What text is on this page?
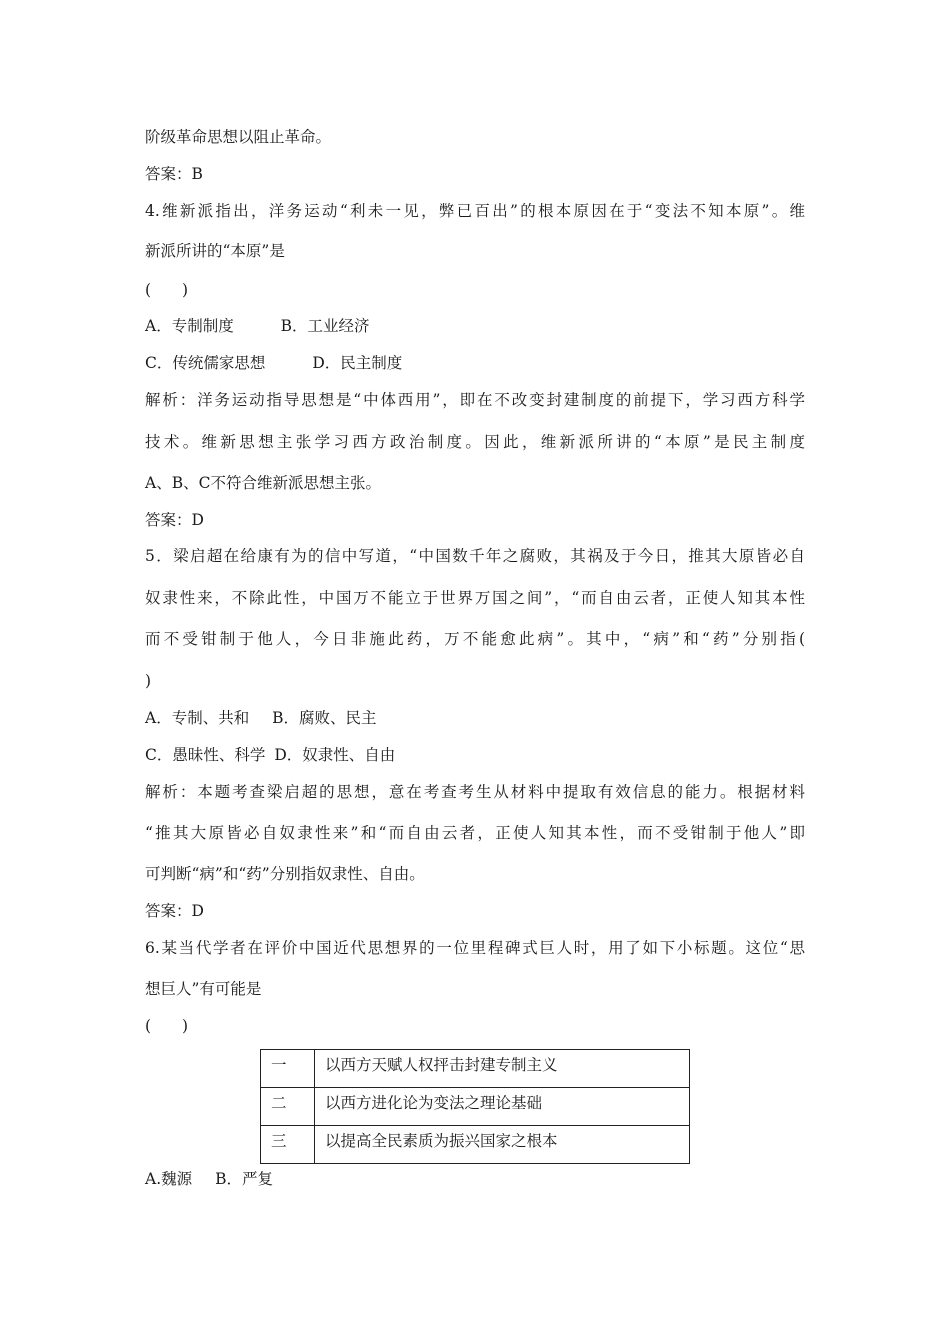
阶级革命思想以阻止革命。
答案：B
4.维新派指出，洋务运动“利未一见，弊已百出”的根本原因在于“变法不知本原”。维
新派所讲的“本原”是
(　　)
A．专制制度	B．工业经济
C．传统儒家思想	D．民主制度
解析：洋务运动指导思想是“中体西用”，即在不改变封建制度的前提下，学习西方科学
技术。维新思想主张学习西方政治制度。因此，维新派所讲的“本原”是民主制度
A、B、C不符合维新派思想主张。
答案：D
5．梁启超在给康有为的信中写道，“中国数千年之腐败，其祸及于今日，推其大原皆必自
奴隶性来，不除此性，中国万不能立于世界万国之间”，“而自由云者，正使人知其本性
而不受钳制于他人，今日非施此药，万不能愈此病”。其中，“病”和“药”分别指(
)
A．专制、共和 B．腐败、民主
C．愚昧性、科学 D．奴隶性、自由
解析：本题考查梁启超的思想，意在考查考生从材料中提取有效信息的能力。根据材料
“推其大原皆必自奴隶性来”和“而自由云者，正使人知其本性，而不受钳制于他人”即
可判断“病”和“药”分别指奴隶性、自由。
答案：D
6.某当代学者在评价中国近代思想界的一位里程碑式巨人时，用了如下小标题。这位“思
想巨人”有可能是
(　　)
一	以西方天赋人权抨击封建专制主义
二	以西方进化论为变法之理论基础
三	以提高全民素质为振兴国家之根本
A.魏源 B．严复
